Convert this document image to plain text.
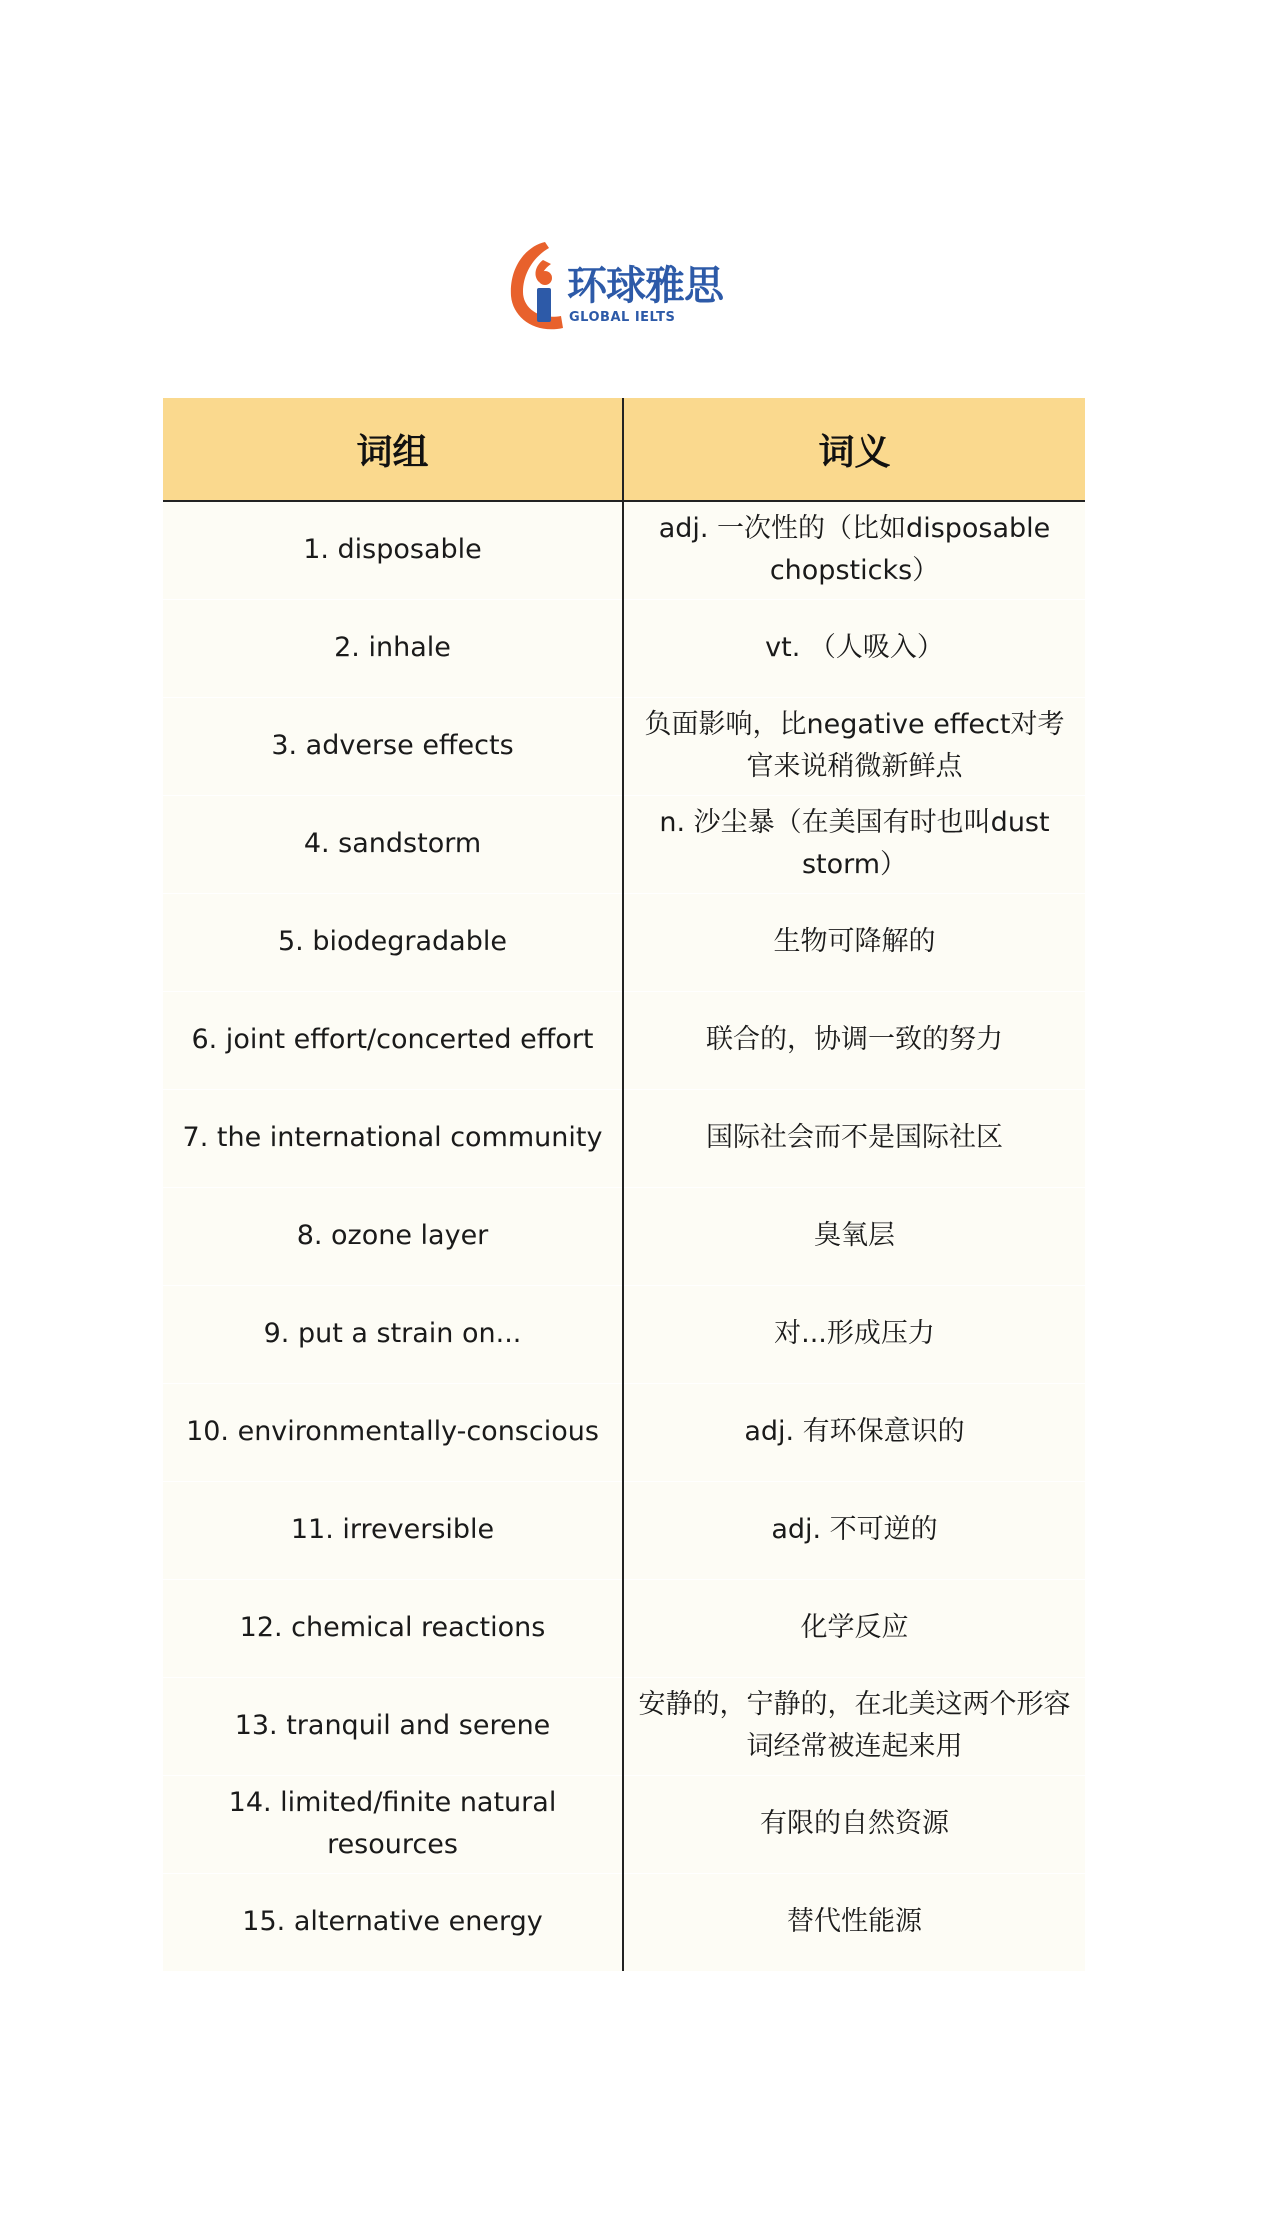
环球雅思
GLOBAL IELTS
词组	词义
1. disposable	adj. 一次性的（比如disposable chopsticks）
2. inhale	vt. （人吸入）
3. adverse effects	负面影响，比negative effect对考官来说稍微新鲜点
4. sandstorm	n. 沙尘暴（在美国有时也叫dust storm）
5. biodegradable	生物可降解的
6. joint effort/concerted effort	联合的，协调一致的努力
7. the international community	国际社会而不是国际社区
8. ozone layer	臭氧层
9. put a strain on...	对...形成压力
10. environmentally-conscious	adj. 有环保意识的
11. irreversible	adj. 不可逆的
12. chemical reactions	化学反应
13. tranquil and serene	安静的，宁静的，在北美这两个形容词经常被连起来用
14. limited/finite natural resources	有限的自然资源
15. alternative energy	替代性能源
